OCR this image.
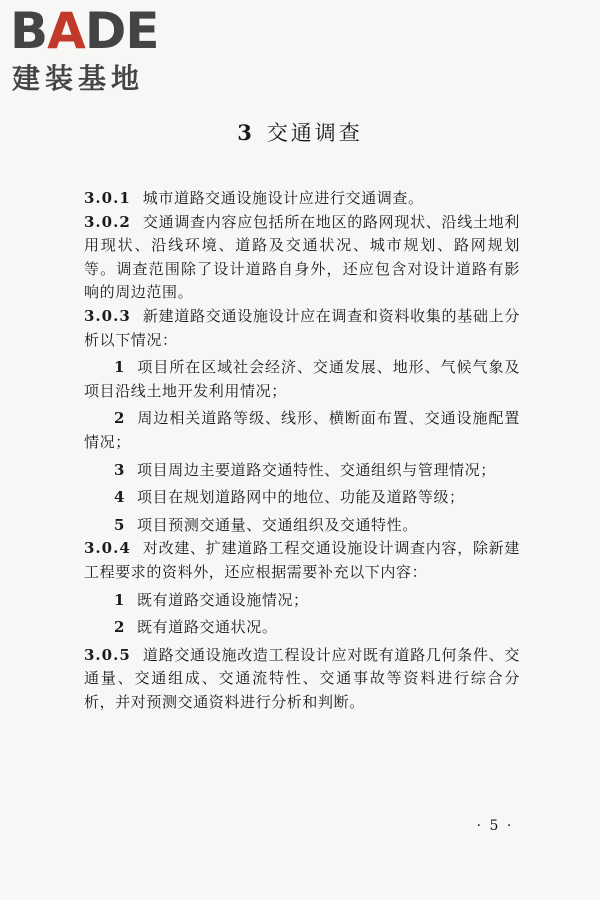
BADE
建装基地
3 交通调查

3.0.1 城市道路交通设施设计应进行交通调查。

3.0.2 交通调查内容应包括所在地区的路网现状、沿线土地利用现状、沿线环境、道路及交通状况、城市规划、路网规划等。调查范围除了设计道路自身外，还应包含对设计道路有影响的周边范围。

3.0.3 新建道路交通设施设计应在调查和资料收集的基础上分析以下情况：

1 项目所在区域社会经济、交通发展、地形、气候气象及项目沿线土地开发利用情况；

2 周边相关道路等级、线形、横断面布置、交通设施配置情况；

3 项目周边主要道路交通特性、交通组织与管理情况；

4 项目在规划道路网中的地位、功能及道路等级；

5 项目预测交通量、交通组织及交通特性。

3.0.4 对改建、扩建道路工程交通设施设计调查内容，除新建工程要求的资料外，还应根据需要补充以下内容：

1 既有道路交通设施情况；

2 既有道路交通状况。

3.0.5 道路交通设施改造工程设计应对既有道路几何条件、交通量、交通组成、交通流特性、交通事故等资料进行综合分析，并对预测交通资料进行分析和判断。

· 5 ·
